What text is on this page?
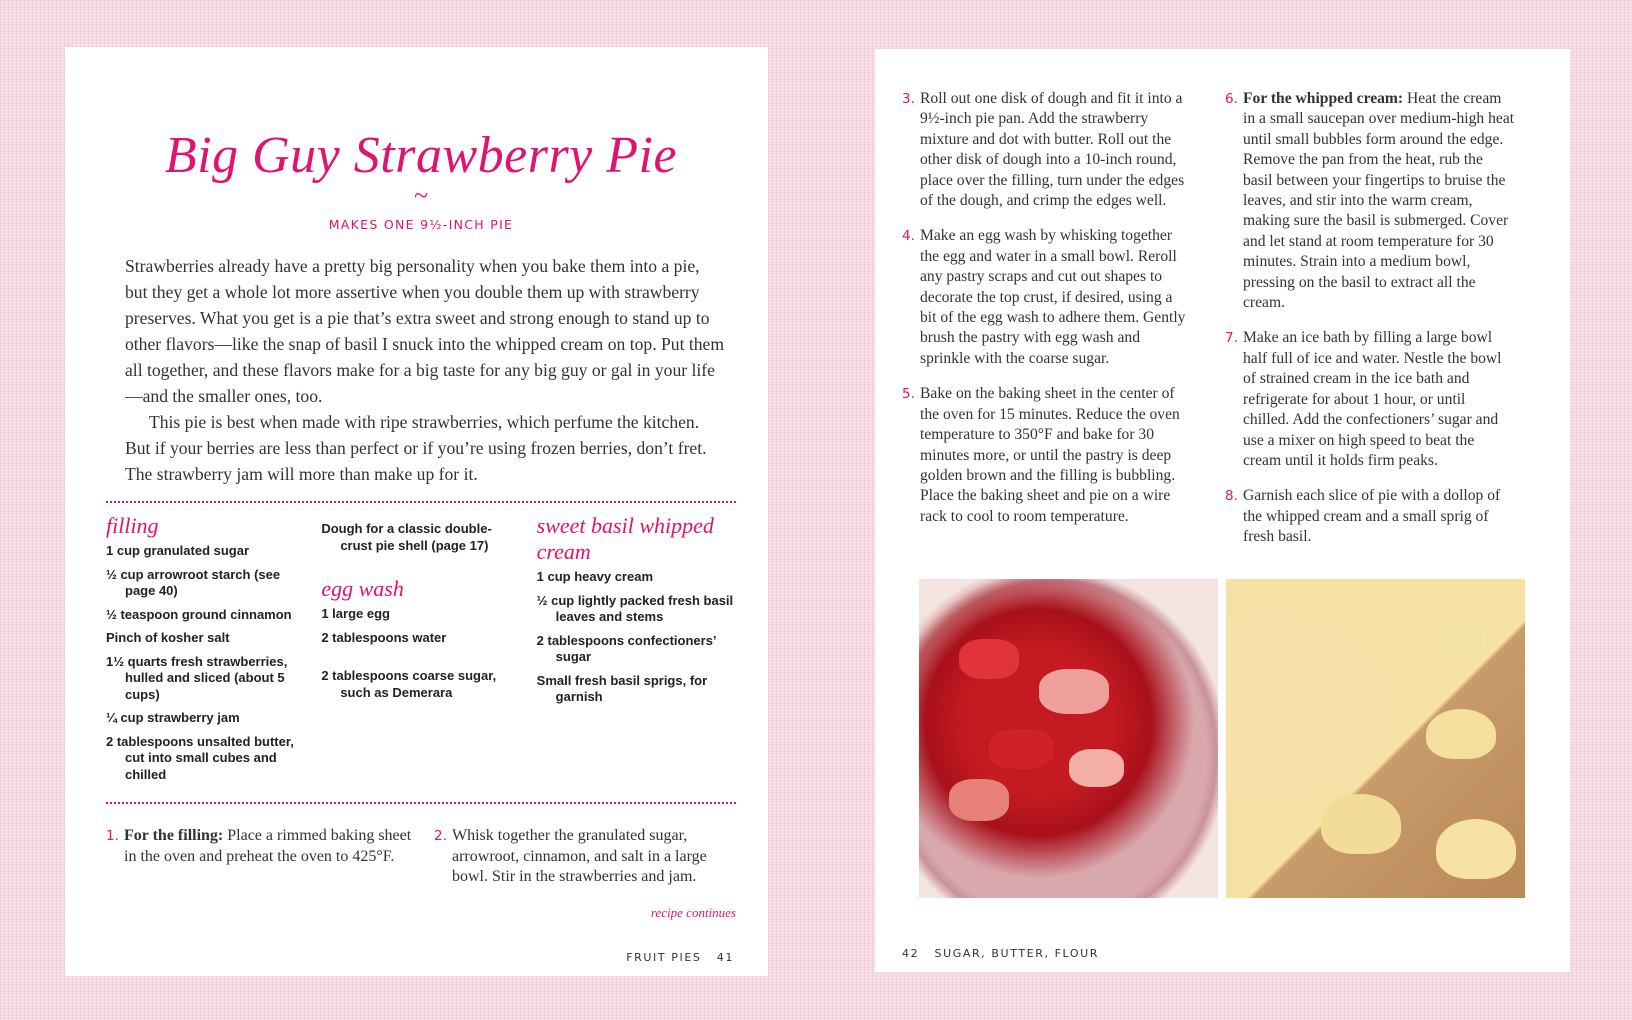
Big Guy Strawberry Pie
~
MAKES ONE 9½-INCH PIE

Strawberries already have a pretty big personality when you bake them into a pie, but they get a whole lot more assertive when you double them up with strawberry preserves. What you get is a pie that’s extra sweet and strong enough to stand up to other flavors—like the snap of basil I snuck into the whipped cream on top. Put them all together, and these flavors make for a big taste for any big guy or gal in your life—and the smaller ones, too.

This pie is best when made with ripe strawberries, which perfume the kitchen. But if your berries are less than perfect or if you’re using frozen berries, don’t fret. The strawberry jam will more than make up for it.

filling
1 cup granulated sugar
½ cup arrowroot starch (see page 40)
½ teaspoon ground cinnamon
Pinch of kosher salt
1½ quarts fresh strawberries, hulled and sliced (about 5 cups)
¼ cup strawberry jam
2 tablespoons unsalted butter, cut into small cubes and chilled
Dough for a classic double-crust pie shell (page 17)
egg wash
1 large egg
2 tablespoons water
2 tablespoons coarse sugar, such as Demerara
sweet basil whipped cream
1 cup heavy cream
½ cup lightly packed fresh basil leaves and stems
2 tablespoons confectioners’ sugar
Small fresh basil sprigs, for garnish
1. For the filling: Place a rimmed baking sheet in the oven and preheat the oven to 425°F.
2. Whisk together the granulated sugar, arrowroot, cinnamon, and salt in a large bowl. Stir in the strawberries and jam.
recipe continues
FRUIT PIES   41
3. Roll out one disk of dough and fit it into a 9½-inch pie pan. Add the strawberry mixture and dot with butter. Roll out the other disk of dough into a 10-inch round, place over the filling, turn under the edges of the dough, and crimp the edges well.
4. Make an egg wash by whisking together the egg and water in a small bowl. Reroll any pastry scraps and cut out shapes to decorate the top crust, if desired, using a bit of the egg wash to adhere them. Gently brush the pastry with egg wash and sprinkle with the coarse sugar.
5. Bake on the baking sheet in the center of the oven for 15 minutes. Reduce the oven temperature to 350°F and bake for 30 minutes more, or until the pastry is deep golden brown and the filling is bubbling. Place the baking sheet and pie on a wire rack to cool to room temperature.
6. For the whipped cream: Heat the cream in a small saucepan over medium-high heat until small bubbles form around the edge. Remove the pan from the heat, rub the basil between your fingertips to bruise the leaves, and stir into the warm cream, making sure the basil is submerged. Cover and let stand at room temperature for 30 minutes. Strain into a medium bowl, pressing on the basil to extract all the cream.
7. Make an ice bath by filling a large bowl half full of ice and water. Nestle the bowl of strained cream in the ice bath and refrigerate for about 1 hour, or until chilled. Add the confectioners’ sugar and use a mixer on high speed to beat the cream until it holds firm peaks.
8. Garnish each slice of pie with a dollop of the whipped cream and a small sprig of fresh basil.
42   SUGAR, BUTTER, FLOUR
